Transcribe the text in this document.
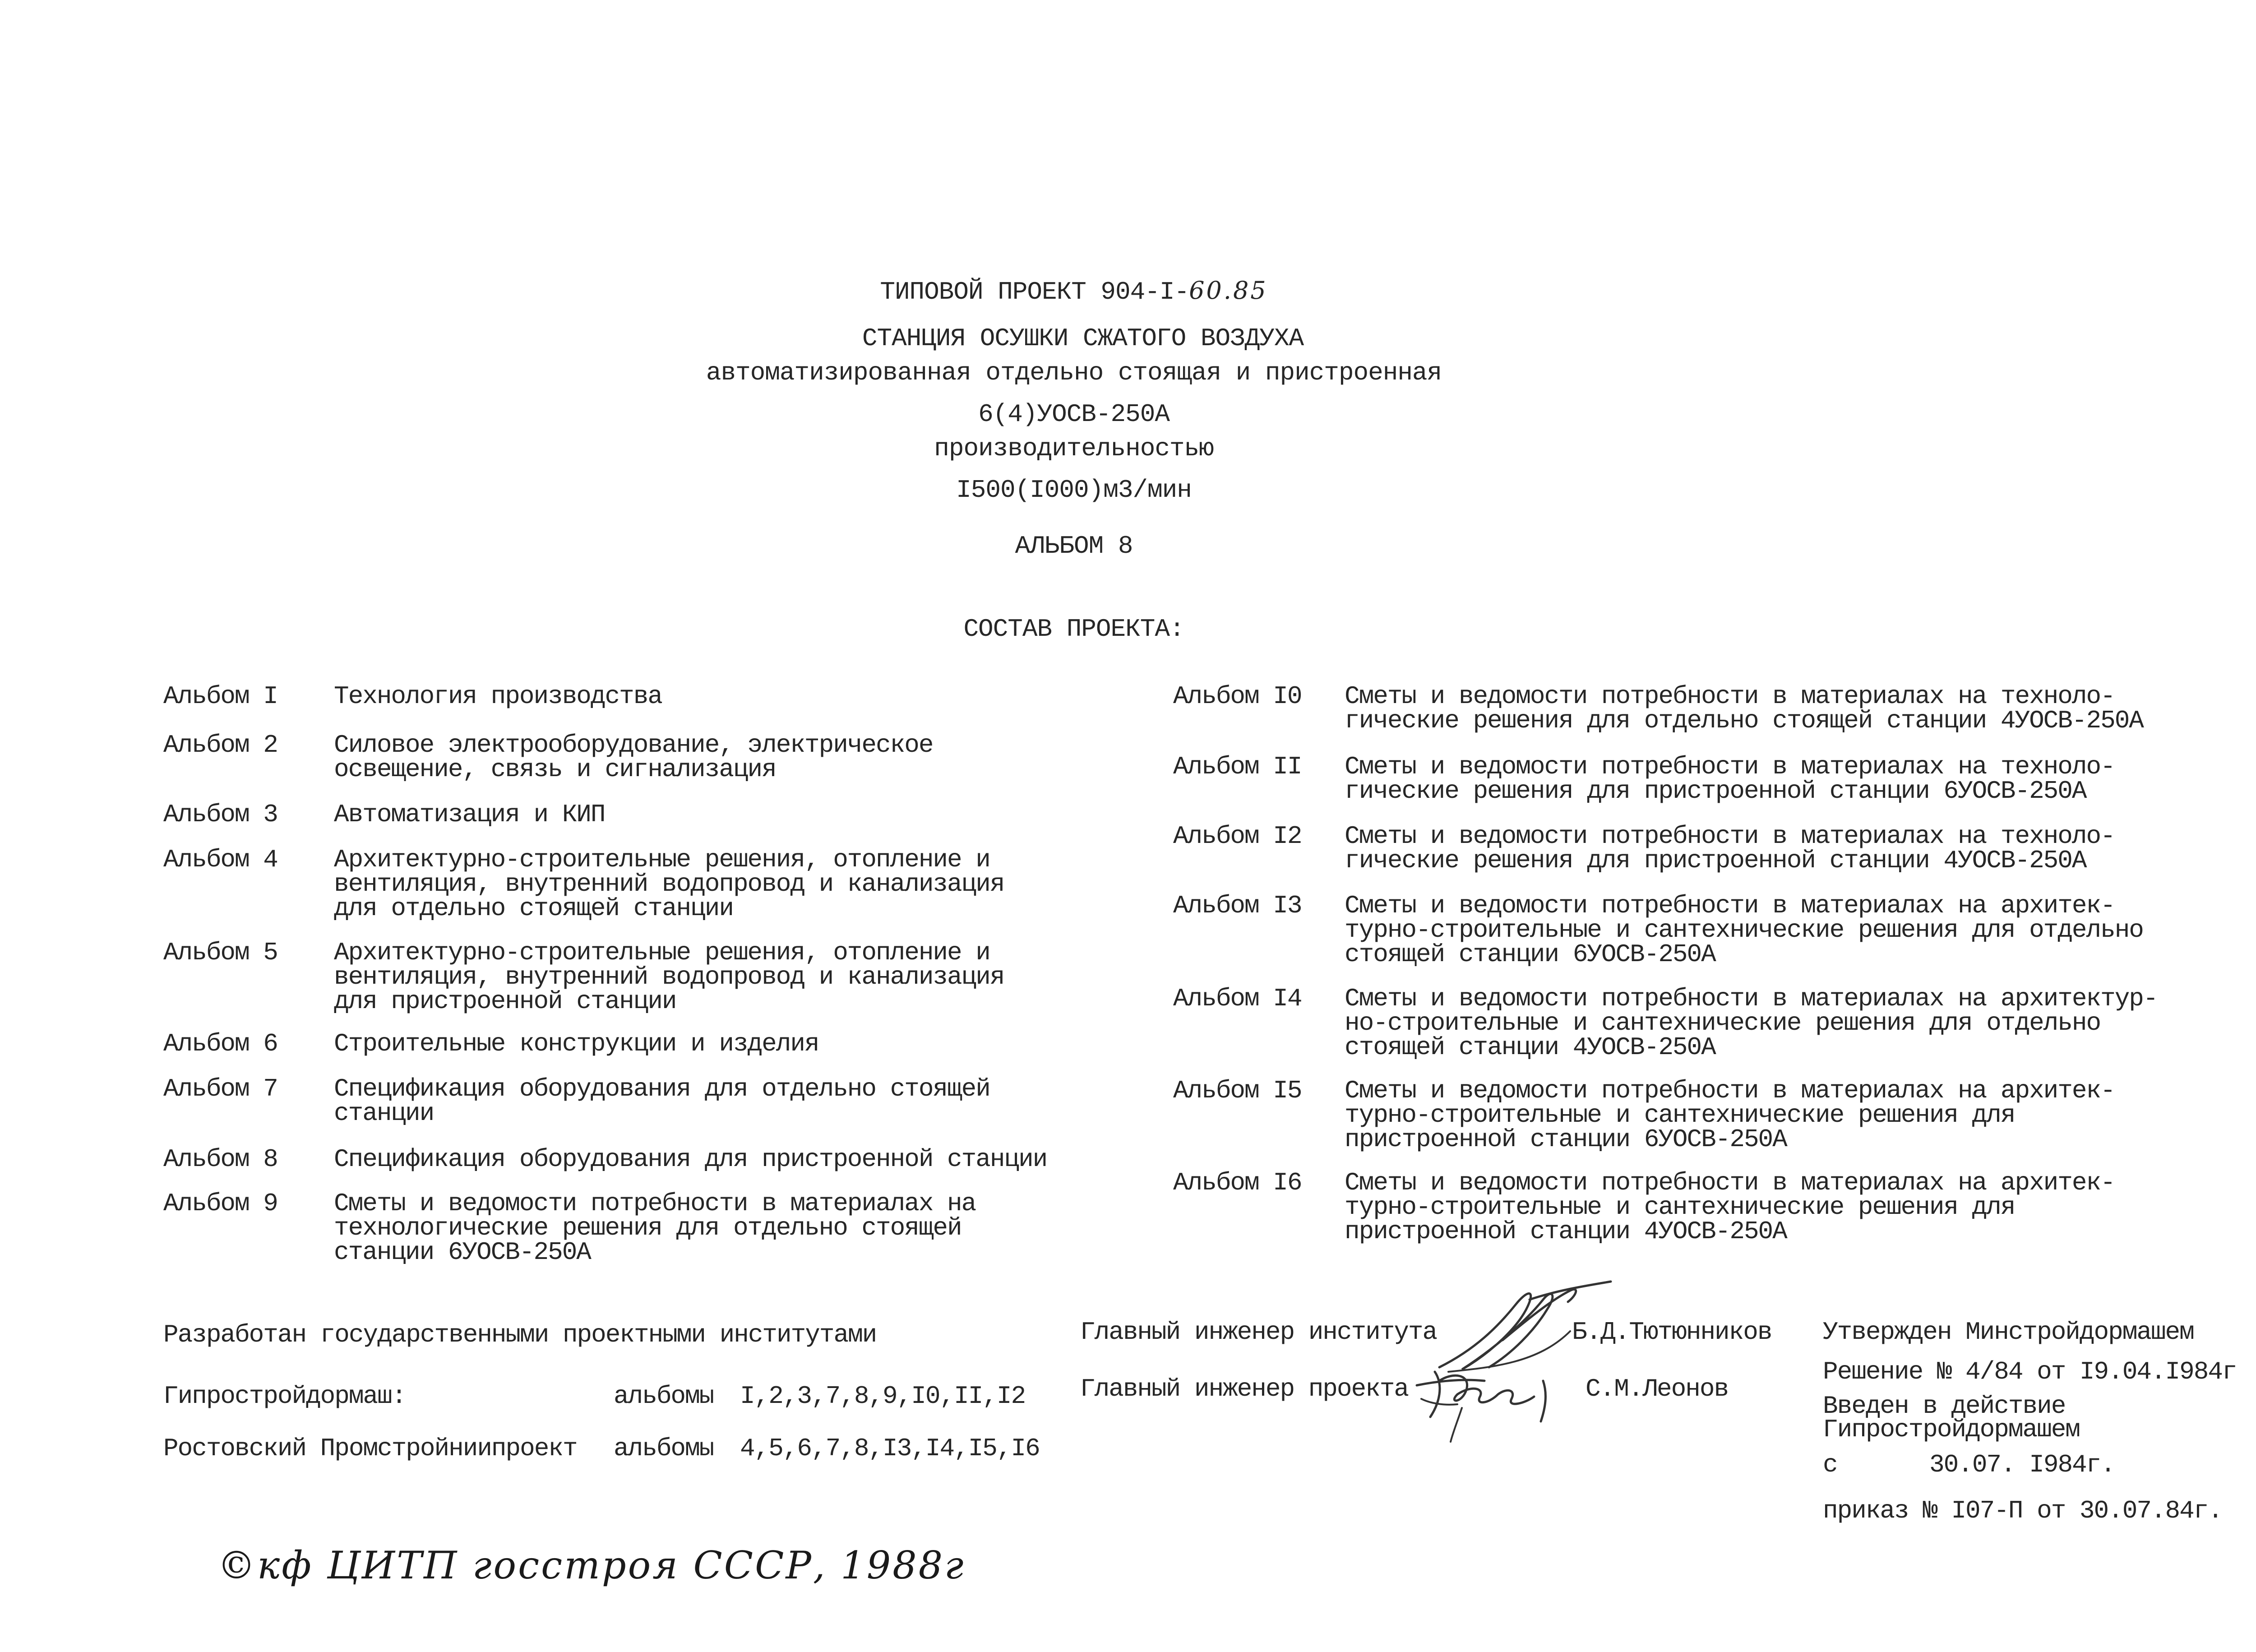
ТИПОВОЙ ПРОЕКТ 904-I-60.85
СТАНЦИЯ ОСУШКИ СЖАТОГО ВОЗДУХА
автоматизированная отдельно стоящая и пристроенная
6(4)УОСВ-250А
производительностью
I500(I000)м3/мин
АЛЬБОМ 8
СОСТАВ ПРОЕКТА:
Альбом I Технология производства
Альбом 2 Силовое электрооборудование, электрическое
освещение, связь и сигнализация
Альбом 3 Автоматизация и КИП
Альбом 4 Архитектурно-строительные решения, отопление и
вентиляция, внутренний водопровод и канализация
для отдельно стоящей станции
Альбом 5 Архитектурно-строительные решения, отопление и
вентиляция, внутренний водопровод и канализация
для пристроенной станции
Альбом 6 Строительные конструкции и изделия
Альбом 7 Спецификация оборудования для отдельно стоящей
станции
Альбом 8 Спецификация оборудования для пристроенной станции
Альбом 9 Сметы и ведомости потребности в материалах на
технологические решения для отдельно стоящей
станции 6УОСВ-250А
Альбом I0 Сметы и ведомости потребности в материалах на техноло-
гические решения для отдельно стоящей станции 4УОСВ-250А
Альбом II Сметы и ведомости потребности в материалах на техноло-
гические решения для пристроенной станции 6УОСВ-250А
Альбом I2 Сметы и ведомости потребности в материалах на техноло-
гические решения для пристроенной станции 4УОСВ-250А
Альбом I3 Сметы и ведомости потребности в материалах на архитек-
турно-строительные и сантехнические решения для отдельно
стоящей станции 6УОСВ-250А
Альбом I4 Сметы и ведомости потребности в материалах на архитектур-
но-строительные и сантехнические решения для отдельно
стоящей станции 4УОСВ-250А
Альбом I5 Сметы и ведомости потребности в материалах на архитек-
турно-строительные и сантехнические решения для
пристроенной станции 6УОСВ-250А
Альбом I6 Сметы и ведомости потребности в материалах на архитек-
турно-строительные и сантехнические решения для
пристроенной станции 4УОСВ-250А
Разработан государственными проектными институтами
Гипростройдормаш:	альбомы I,2,3,7,8,9,I0,II,I2
Ростовский Промстройниипроект альбомы 4,5,6,7,8,I3,I4,I5,I6
Главный инженер института	Б.Д.Тютюнников
Главный инженер проекта	С.М.Леонов
Утвержден Минстройдормашем
Решение № 4/84 от I9.04.I984г
Введен в действие
Гипростройдормашем
с	30.07. I984г.
приказ № I07-П от 30.07.84г.
©кф ЦИТП госстроя СССР, 1988г
